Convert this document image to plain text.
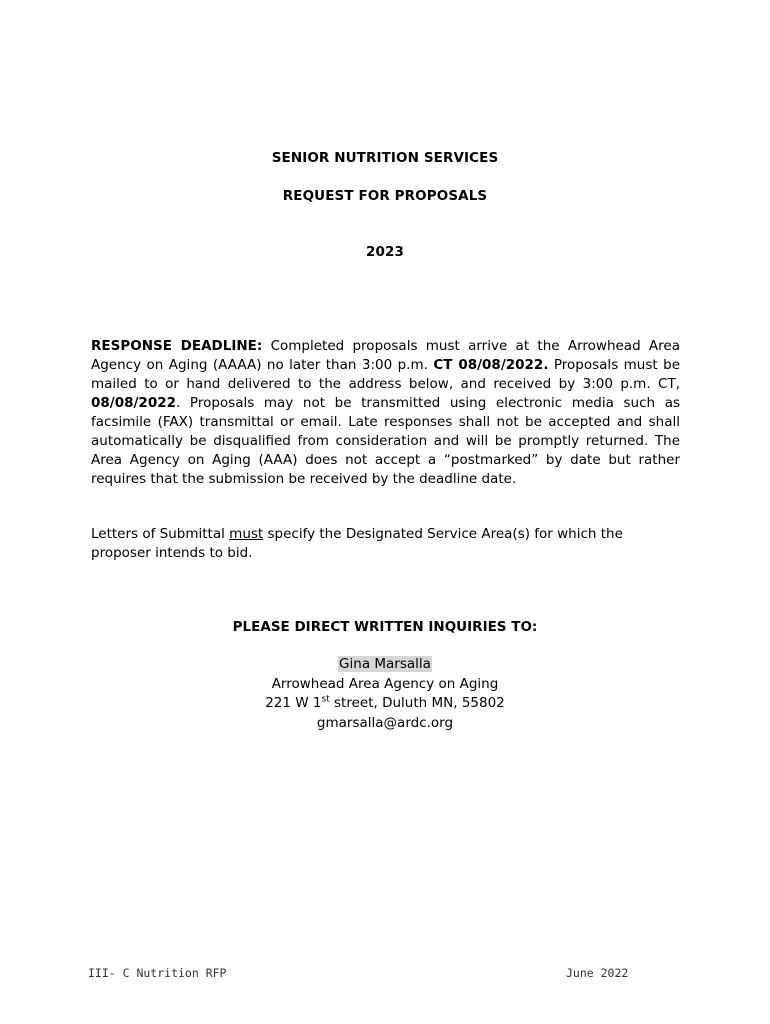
SENIOR NUTRITION SERVICES
REQUEST FOR PROPOSALS
2023
RESPONSE DEADLINE: Completed proposals must arrive at the Arrowhead Area Agency on Aging (AAAA) no later than 3:00 p.m. CT 08/08/2022. Proposals must be mailed to or hand delivered to the address below, and received by 3:00 p.m. CT, 08/08/2022. Proposals may not be transmitted using electronic media such as facsimile (FAX) transmittal or email. Late responses shall not be accepted and shall automatically be disqualified from consideration and will be promptly returned. The Area Agency on Aging (AAA) does not accept a “postmarked” by date but rather requires that the submission be received by the deadline date.
Letters of Submittal must specify the Designated Service Area(s) for which the proposer intends to bid.
PLEASE DIRECT WRITTEN INQUIRIES TO:
Gina Marsalla
Arrowhead Area Agency on Aging
221 W 1st street, Duluth MN, 55802
gmarsalla@ardc.org
III- C Nutrition RFP	June 2022
